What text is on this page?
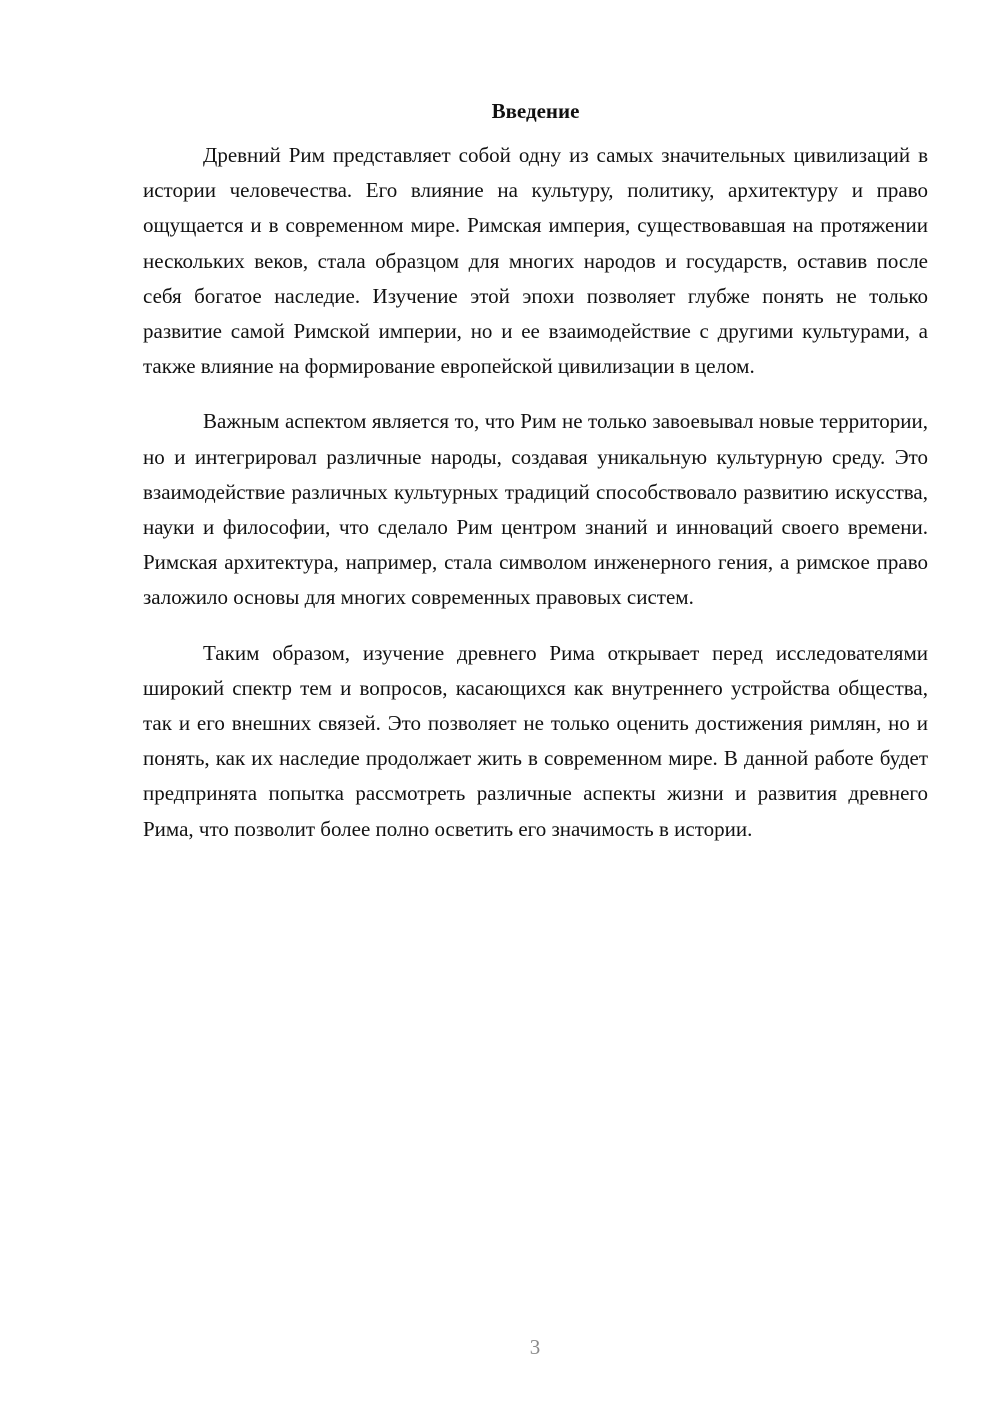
Введение

Древний Рим представляет собой одну из самых значительных цивилизаций в истории человечества. Его влияние на культуру, политику, архитектуру и право ощущается и в современном мире. Римская империя, существовавшая на протяжении нескольких веков, стала образцом для многих народов и государств, оставив после себя богатое наследие. Изучение этой эпохи позволяет глубже понять не только развитие самой Римской империи, но и ее взаимодействие с другими культурами, а также влияние на формирование европейской цивилизации в целом.

Важным аспектом является то, что Рим не только завоевывал новые территории, но и интегрировал различные народы, создавая уникальную культурную среду. Это взаимодействие различных культурных традиций способствовало развитию искусства, науки и философии, что сделало Рим центром знаний и инноваций своего времени. Римская архитектура, например, стала символом инженерного гения, а римское право заложило основы для многих современных правовых систем.

Таким образом, изучение древнего Рима открывает перед исследователями широкий спектр тем и вопросов, касающихся как внутреннего устройства общества, так и его внешних связей. Это позволяет не только оценить достижения римлян, но и понять, как их наследие продолжает жить в современном мире. В данной работе будет предпринята попытка рассмотреть различные аспекты жизни и развития древнего Рима, что позволит более полно осветить его значимость в истории.

3
